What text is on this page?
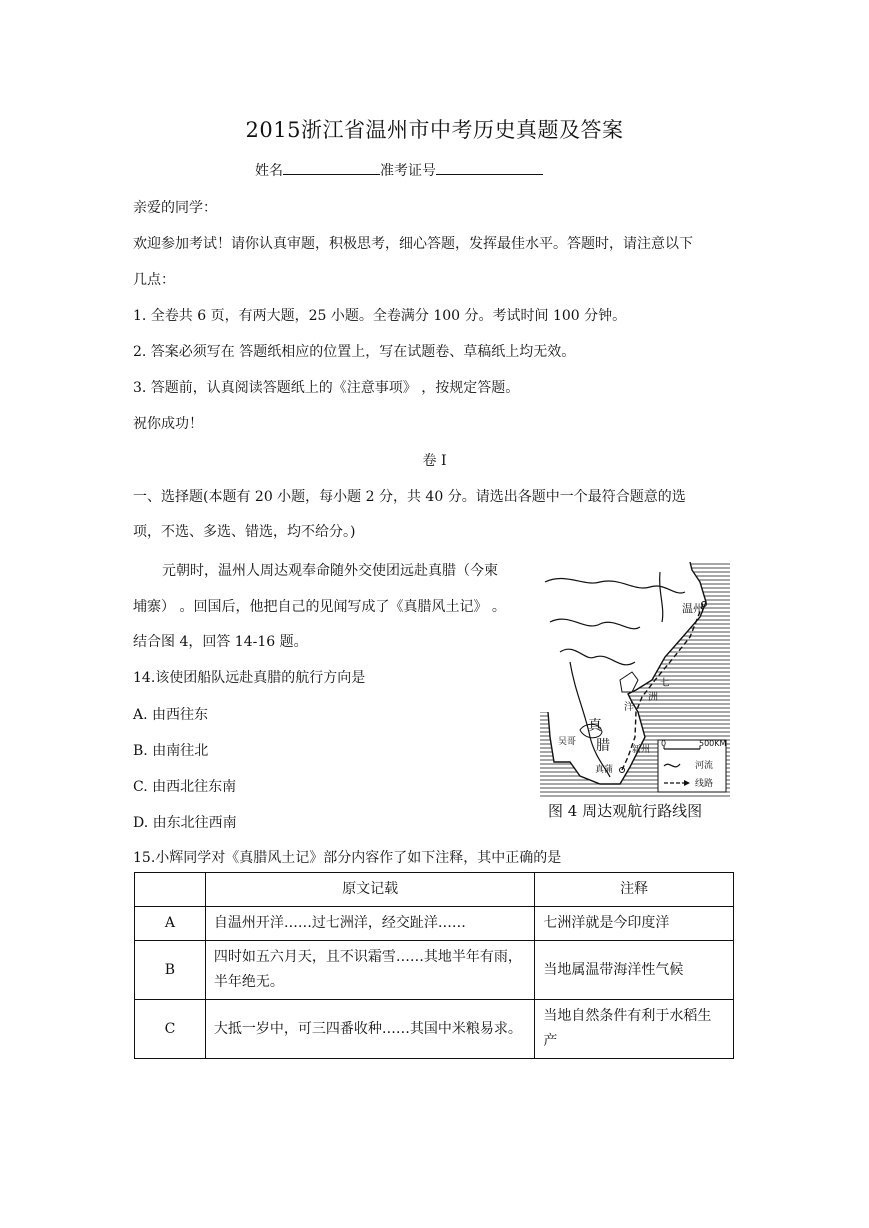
2015浙江省温州市中考历史真题及答案
姓名	准考证号
亲爱的同学：
欢迎参加考试！请你认真审题，积极思考，细心答题，发挥最佳水平。答题时，请注意以下
几点：
1. 全卷共 6 页，有两大题，25 小题。全卷满分 100 分。考试时间 100 分钟。
2. 答案必须写在 答题纸相应的位置上，写在试题卷、草稿纸上均无效。
3. 答题前，认真阅读答题纸上的《注意事项》 ，按规定答题。
祝你成功！
卷 Ⅰ
一、选择题(本题有 20 小题，每小题 2 分，共 40 分。请选出各题中一个最符合题意的选
项，不选、多选、错选，均不给分。)
元朝时，温州人周达观奉命随外交使团远赴真腊（今柬
埔寨） 。回国后，他把自己的见闻写成了《真腊风土记》 。
结合图 4，回答 14-16 题。
14.该使团船队远赴真腊的航行方向是
A. 由西往东
B. 由南往北
C. 由西北往东南
D. 由东北往西南
温州
七
洲
洋
真
腊
吴哥
新州
真蒲
0	500KM
河流
线路
图 4 周达观航行路线图
15.小辉同学对《真腊风土记》部分内容作了如下注释，其中正确的是
	原文记载	注释
A	自温州开洋……过七洲洋，经交趾洋……	七洲洋就是今印度洋
B	四时如五六月天，且不识霜雪……其地半年有雨，半年绝无。	当地属温带海洋性气候
C	大抵一岁中，可三四番收种……其国中米粮易求。	当地自然条件有利于水稻生产
